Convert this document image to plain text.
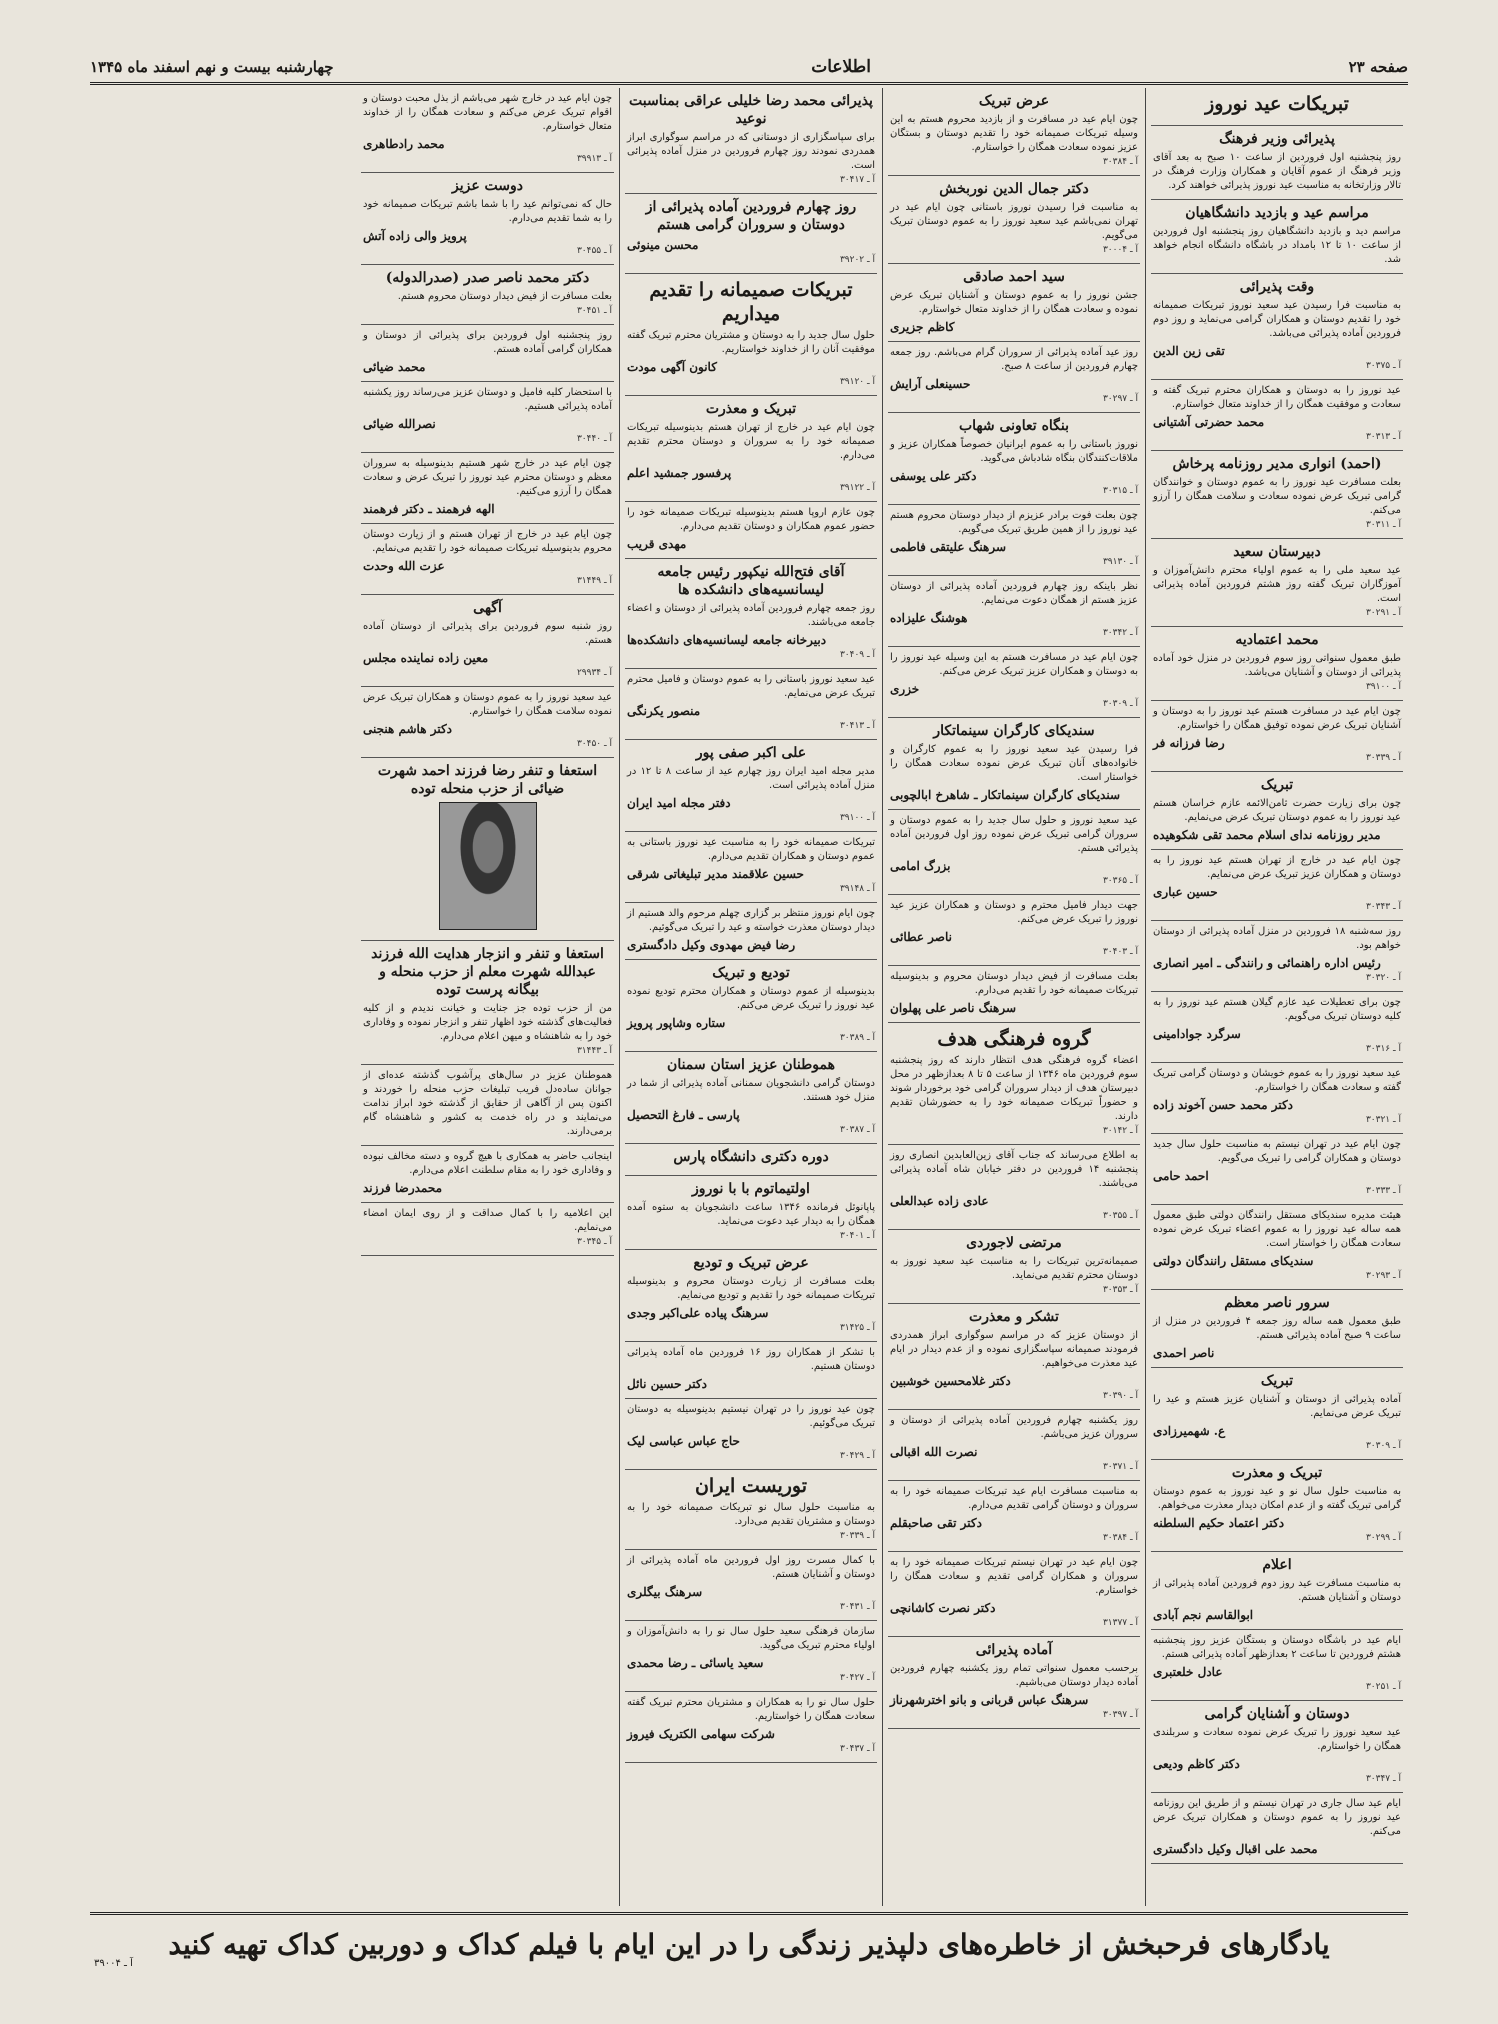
صفحه ۲۳
اطلاعات
چهارشنبه بیست و نهم اسفند ماه ۱۳۴۵
تبریکات عید نوروز
پذیرائی وزیر فرهنگ
روز پنجشنبه اول فروردین از ساعت ۱۰ صبح به بعد آقای وزیر فرهنگ از عموم آقایان و همکاران وزارت فرهنگ در تالار وزارتخانه به مناسبت عید نوروز پذیرائی خواهند کرد.
مراسم عید و بازدید دانشگاهیان
مراسم دید و بازدید دانشگاهیان روز پنجشنبه اول فروردین از ساعت ۱۰ تا ۱۲ بامداد در باشگاه دانشگاه انجام خواهد شد.
وقت پذیرائی
به مناسبت فرا رسیدن عید سعید نوروز تبریکات صمیمانه خود را تقدیم دوستان و همکاران گرامی می‌نماید و روز دوم فروردین آماده پذیرائی می‌باشد.
تقی زین الدین
آ ـ ۳۰۳۷۵
عید نوروز را به دوستان و همکاران محترم تبریک گفته و سعادت و موفقیت همگان را از خداوند متعال خواستارم.
محمد حضرتی آشتیانی
آ ـ ۳۰۳۱۳
(احمد) انواری مدیر روزنامه پرخاش
بعلت مسافرت عید نوروز را به عموم دوستان و خوانندگان گرامی تبریک عرض نموده سعادت و سلامت همگان را آرزو می‌کنم.
آ ـ ۳۰۳۱۱
دبیرستان سعید
عید سعید ملی را به عموم اولیاء محترم دانش‌آموزان و آموزگاران تبریک گفته روز هشتم فروردین آماده پذیرائی است.
آ ـ ۳۰۲۹۱
محمد اعتمادیه
طبق معمول سنواتی روز سوم فروردین در منزل خود آماده پذیرائی از دوستان و آشنایان می‌باشد.
آ ـ ۳۹۱۰۰
چون ایام عید در مسافرت هستم عید نوروز را به دوستان و آشنایان تبریک عرض نموده توفیق همگان را خواستارم.
رضا فرزانه فر
آ ـ ۳۰۳۳۹
تبریک
چون برای زیارت حضرت ثامن‌الائمه عازم خراسان هستم عید نوروز را به عموم دوستان تبریک عرض می‌نمایم.
مدیر روزنامه ندای اسلام محمد تقی شکوهیده
چون ایام عید در خارج از تهران هستم عید نوروز را به دوستان و همکاران عزیز تبریک عرض می‌نمایم.
حسین عباری
آ ـ ۳۰۳۴۳
روز سه‌شنبه ۱۸ فروردین در منزل آماده پذیرائی از دوستان خواهم بود.
رئیس اداره راهنمائی و رانندگی ـ امیر انصاری
آ ـ ۳۰۳۲۰
چون برای تعطیلات عید عازم گیلان هستم عید نوروز را به کلیه دوستان تبریک می‌گویم.
سرگرد جوادامینی
آ ـ ۳۰۳۱۶
عید سعید نوروز را به عموم خویشان و دوستان گرامی تبریک گفته و سعادت همگان را خواستارم.
دکتر محمد حسن آخوند زاده
آ ـ ۳۰۳۲۱
چون ایام عید در تهران نیستم به مناسبت حلول سال جدید دوستان و همکاران گرامی را تبریک می‌گویم.
احمد حامی
آ ـ ۳۰۳۳۳
هیئت مدیره سندیکای مستقل رانندگان دولتی طبق معمول همه ساله عید نوروز را به عموم اعضاء تبریک عرض نموده سعادت همگان را خواستار است.
سندیکای مستقل رانندگان دولتی
آ ـ ۳۰۲۹۳
سرور ناصر معظم
طبق معمول همه ساله روز جمعه ۴ فروردین در منزل از ساعت ۹ صبح آماده پذیرائی هستم.
ناصر احمدی
تبریک
آماده پذیرائی از دوستان و آشنایان عزیز هستم و عید را تبریک عرض می‌نمایم.
ع. شهمیرزادی
آ ـ ۳۰۳۰۹
تبریک و معذرت
به مناسبت حلول سال نو و عید نوروز به عموم دوستان گرامی تبریک گفته و از عدم امکان دیدار معذرت می‌خواهم.
دکتر اعتماد حکیم السلطنه
آ ـ ۳۰۲۹۹
اعلام
به مناسبت مسافرت عید روز دوم فروردین آماده پذیرائی از دوستان و آشنایان هستم.
ابوالقاسم نجم آبادی
ایام عید در باشگاه دوستان و بستگان عزیز روز پنجشنبه هشتم فروردین تا ساعت ۲ بعدازظهر آماده پذیرائی هستم.
عادل خلعتبری
آ ـ ۳۰۲۵۱
دوستان و آشنایان گرامی
عید سعید نوروز را تبریک عرض نموده سعادت و سربلندی همگان را خواستارم.
دکتر کاظم ودیعی
آ ـ ۳۰۳۴۷
ایام عید سال جاری در تهران نیستم و از طریق این روزنامه عید نوروز را به عموم دوستان و همکاران تبریک عرض می‌کنم.
محمد علی اقبال وکیل دادگستری
عرض تبریک
چون ایام عید در مسافرت و از بازدید محروم هستم به این وسیله تبریکات صمیمانه خود را تقدیم دوستان و بستگان عزیز نموده سعادت همگان را خواستارم.
آ ـ ۳۰۳۸۴
دکتر جمال الدین نوربخش
به مناسبت فرا رسیدن نوروز باستانی چون ایام عید در تهران نمی‌باشم عید سعید نوروز را به عموم دوستان تبریک می‌گویم.
آ ـ ۳۰۰۰۴
سید احمد صادقی
جشن نوروز را به عموم دوستان و آشنایان تبریک عرض نموده و سعادت همگان را از خداوند متعال خواستارم.
کاظم جزیری
روز عید آماده پذیرائی از سروران گرام می‌باشم. روز جمعه چهارم فروردین از ساعت ۸ صبح.
حسینعلی آرایش
آ ـ ۳۰۲۹۷
بنگاه تعاونی شهاب
نوروز باستانی را به عموم ایرانیان خصوصاً همکاران عزیز و ملاقات‌کنندگان بنگاه شادباش می‌گوید.
دکتر علی یوسفی
آ ـ ۳۰۳۱۵
چون بعلت فوت برادر عزیزم از دیدار دوستان محروم هستم عید نوروز را از همین طریق تبریک می‌گویم.
سرهنگ علیتقی فاطمی
آ ـ ۳۹۱۳۰
نظر باینکه روز چهارم فروردین آماده پذیرائی از دوستان عزیز هستم از همگان دعوت می‌نمایم.
هوشنگ علیزاده
آ ـ ۳۰۳۴۲
چون ایام عید در مسافرت هستم به این وسیله عید نوروز را به دوستان و همکاران عزیز تبریک عرض می‌کنم.
خزری
آ ـ ۳۰۳۰۹
سندیکای کارگران سینماتکار
فرا رسیدن عید سعید نوروز را به عموم کارگران و خانواده‌های آنان تبریک عرض نموده سعادت همگان را خواستار است.
سندیکای کارگران سینماتکار ـ شاهرخ ابالچوبی
عید سعید نوروز و حلول سال جدید را به عموم دوستان و سروران گرامی تبریک عرض نموده روز اول فروردین آماده پذیرائی هستم.
بزرگ امامی
آ ـ ۳۰۳۶۵
جهت دیدار فامیل محترم و دوستان و همکاران عزیز عید نوروز را تبریک عرض می‌کنم.
ناصر عطائی
آ ـ ۳۰۴۰۳
بعلت مسافرت از فیض دیدار دوستان محروم و بدینوسیله تبریکات صمیمانه خود را تقدیم می‌دارم.
سرهنگ ناصر علی پهلوان
گروه فرهنگی هدف
اعضاء گروه فرهنگی هدف انتظار دارند که روز پنجشنبه سوم فروردین ماه ۱۳۴۶ از ساعت ۵ تا ۸ بعدازظهر در محل دبیرستان هدف از دیدار سروران گرامی خود برخوردار شوند و حضوراً تبریکات صمیمانه خود را به حضورشان تقدیم دارند.
آ ـ ۳۰۱۴۲
به اطلاع می‌رساند که جناب آقای زین‌العابدین انصاری روز پنجشنبه ۱۴ فروردین در دفتر خیابان شاه آماده پذیرائی می‌باشند.
عادی زاده عبدالعلی
آ ـ ۳۰۳۵۵
مرتضی لاجوردی
صمیمانه‌ترین تبریکات را به مناسبت عید سعید نوروز به دوستان محترم تقدیم می‌نماید.
آ ـ ۳۰۳۵۳
تشکر و معذرت
از دوستان عزیز که در مراسم سوگواری ابراز همدردی فرمودند صمیمانه سپاسگزاری نموده و از عدم دیدار در ایام عید معذرت می‌خواهیم.
دکتر غلامحسین خوشبین
آ ـ ۳۰۳۹۰
روز یکشنبه چهارم فروردین آماده پذیرائی از دوستان و سروران عزیز می‌باشم.
نصرت الله اقبالی
آ ـ ۳۰۳۷۱
به مناسبت مسافرت ایام عید تبریکات صمیمانه خود را به سروران و دوستان گرامی تقدیم می‌دارم.
دکتر تقی صاحبقلم
آ ـ ۳۰۳۸۴
چون ایام عید در تهران نیستم تبریکات صمیمانه خود را به سروران و همکاران گرامی تقدیم و سعادت همگان را خواستارم.
دکتر نصرت کاشانچی
آ ـ ۳۱۳۷۷
آماده پذیرائی
برحسب معمول سنواتی تمام روز یکشنبه چهارم فروردین آماده دیدار دوستان می‌باشیم.
سرهنگ عباس قربانی و بانو اخترشهرناز
آ ـ ۳۰۳۹۷
پذیرائی محمد رضا خلیلی عراقی بمناسبت نوعید
برای سپاسگزاری از دوستانی که در مراسم سوگواری ابراز همدردی نمودند روز چهارم فروردین در منزل آماده پذیرائی است.
آ ـ ۳۰۴۱۷
روز چهارم فروردین آماده پذیرائی از دوستان و سروران گرامی هستم
محسن مینوئی
آ ـ ۳۹۲۰۲
تبریکات صمیمانه را تقدیم میداریم
حلول سال جدید را به دوستان و مشتریان محترم تبریک گفته موفقیت آنان را از خداوند خواستاریم.
کانون آگهی مودت
آ ـ ۳۹۱۲۰
تبریک و معذرت
چون ایام عید در خارج از تهران هستم بدینوسیله تبریکات صمیمانه خود را به سروران و دوستان محترم تقدیم می‌دارم.
پرفسور جمشید اعلم
آ ـ ۳۹۱۲۲
چون عازم اروپا هستم بدینوسیله تبریکات صمیمانه خود را حضور عموم همکاران و دوستان تقدیم می‌دارم.
مهدی قریب
آقای فتح‌الله نیکپور رئیس جامعه لیسانسیه‌های دانشکده ها
روز جمعه چهارم فروردین آماده پذیرائی از دوستان و اعضاء جامعه می‌باشند.
دبیرخانه جامعه لیسانسیه‌های دانشکده‌ها
آ ـ ۳۰۴۰۹
عید سعید نوروز باستانی را به عموم دوستان و فامیل محترم تبریک عرض می‌نمایم.
منصور یکرنگی
آ ـ ۳۰۴۱۳
علی اکبر صفی پور
مدیر مجله امید ایران روز چهارم عید از ساعت ۸ تا ۱۲ در منزل آماده پذیرائی است.
دفتر مجله امید ایران
آ ـ ۳۹۱۰۰
تبریکات صمیمانه خود را به مناسبت عید نوروز باستانی به عموم دوستان و همکاران تقدیم می‌دارم.
حسین علاقمند مدیر تبلیغاتی شرقی
آ ـ ۳۹۱۴۸
چون ایام نوروز منتظر بر گزاری چهلم مرحوم والد هستیم از دیدار دوستان معذرت خواسته و عید را تبریک می‌گوئیم.
رضا فیض مهدوی وکیل دادگستری
تودیع و تبریک
بدینوسیله از عموم دوستان و همکاران محترم تودیع نموده عید نوروز را تبریک عرض می‌کنم.
ستاره وشاپور پرویز
آ ـ ۳۰۳۸۹
هموطنان عزیز استان سمنان
دوستان گرامی دانشجویان سمنانی آماده پذیرائی از شما در منزل خود هستند.
پارسی ـ فارغ التحصیل
آ ـ ۳۰۳۸۷
دوره دکتری دانشگاه پارس
اولتیماتوم با با نوروز
پاپانوئل فرمانده ۱۳۴۶ ساعت دانشجویان به ستوه آمده همگان را به دیدار عید دعوت می‌نماید.
آ ـ ۳۰۴۰۱
عرض تبریک و تودیع
بعلت مسافرت از زیارت دوستان محروم و بدینوسیله تبریکات صمیمانه خود را تقدیم و تودیع می‌نمایم.
سرهنگ پیاده علی‌اکبر وجدی
آ ـ ۳۱۴۲۵
با تشکر از همکاران روز ۱۶ فروردین ماه آماده پذیرائی دوستان هستیم.
دکتر حسین نائل
چون عید نوروز را در تهران نیستیم بدینوسیله به دوستان تبریک می‌گوئیم.
حاج عباس عباسی لیک
آ ـ ۳۰۴۲۹
توریست ایران
به مناسبت حلول سال نو تبریکات صمیمانه خود را به دوستان و مشتریان تقدیم می‌دارد.
آ ـ ۳۰۳۳۹
با کمال مسرت روز اول فروردین ماه آماده پذیرائی از دوستان و آشنایان هستم.
سرهنگ بیگلری
آ ـ ۳۰۴۳۱
سازمان فرهنگی سعید حلول سال نو را به دانش‌آموزان و اولیاء محترم تبریک می‌گوید.
سعید یاسائی ـ رضا محمدی
آ ـ ۳۰۴۲۷
حلول سال نو را به همکاران و مشتریان محترم تبریک گفته سعادت همگان را خواستاریم.
شرکت سهامی الکتریک فیروز
آ ـ ۳۰۴۳۷
چون ایام عید در خارج شهر می‌باشم از بذل محبت دوستان و اقوام تبریک عرض می‌کنم و سعادت همگان را از خداوند متعال خواستارم.
محمد رادطاهری
آ ـ ۳۹۹۱۳
دوست عزیز
حال که نمی‌توانم عید را با شما باشم تبریکات صمیمانه خود را به شما تقدیم می‌دارم.
پرویز والی زاده آتش
آ ـ ۳۰۴۵۵
دکتر محمد ناصر صدر (صدرالدوله)
بعلت مسافرت از فیض دیدار دوستان محروم هستم.
آ ـ ۳۰۴۵۱
روز پنجشنبه اول فروردین برای پذیرائی از دوستان و همکاران گرامی آماده هستم.
محمد ضیائی
با استحضار کلیه فامیل و دوستان عزیز می‌رساند روز یکشنبه آماده پذیرائی هستیم.
نصرالله ضیائی
آ ـ ۳۰۴۴۰
چون ایام عید در خارج شهر هستیم بدینوسیله به سروران معظم و دوستان محترم عید نوروز را تبریک عرض و سعادت همگان را آرزو می‌کنیم.
الهه فرهمند ـ دکتر فرهمند
چون ایام عید در خارج از تهران هستم و از زیارت دوستان محروم بدینوسیله تبریکات صمیمانه خود را تقدیم می‌نمایم.
عزت الله وحدت
آ ـ ۳۱۴۴۹
آگهی
روز شنبه سوم فروردین برای پذیرائی از دوستان آماده هستم.
معین زاده نماینده مجلس
آ ـ ۲۹۹۳۴
عید سعید نوروز را به عموم دوستان و همکاران تبریک عرض نموده سلامت همگان را خواستارم.
دکتر هاشم هنجنی
آ ـ ۳۰۴۵۰
استعفا و تنفر رضا فرزند احمد شهرت ضیائی از حزب منحله توده
استعفا و تنفر و انزجار هدایت الله فرزند عبدالله شهرت معلم از حزب منحله و بیگانه پرست توده
من از حزب توده جز جنایت و خیانت ندیدم و از کلیه فعالیت‌های گذشته خود اظهار تنفر و انزجار نموده و وفاداری خود را به شاهنشاه و میهن اعلام می‌دارم.
آ ـ ۳۱۴۴۳
هموطنان عزیز در سال‌های پرآشوب گذشته عده‌ای از جوانان ساده‌دل فریب تبلیغات حزب منحله را خوردند و اکنون پس از آگاهی از حقایق از گذشته خود ابراز ندامت می‌نمایند و در راه خدمت به کشور و شاهنشاه گام برمی‌دارند.
اینجانب حاضر به همکاری با هیچ گروه و دسته مخالف نبوده و وفاداری خود را به مقام سلطنت اعلام می‌دارم.
محمدرضا فرزند
این اعلامیه را با کمال صداقت و از روی ایمان امضاء می‌نمایم.
آ ـ ۳۰۳۴۵
یادگارهای فرحبخش از خاطره‌های دلپذیر زندگی را در این ایام با فیلم کداک و دوربین کداک تهیه کنید
آ ـ ۳۹۰۰۴
